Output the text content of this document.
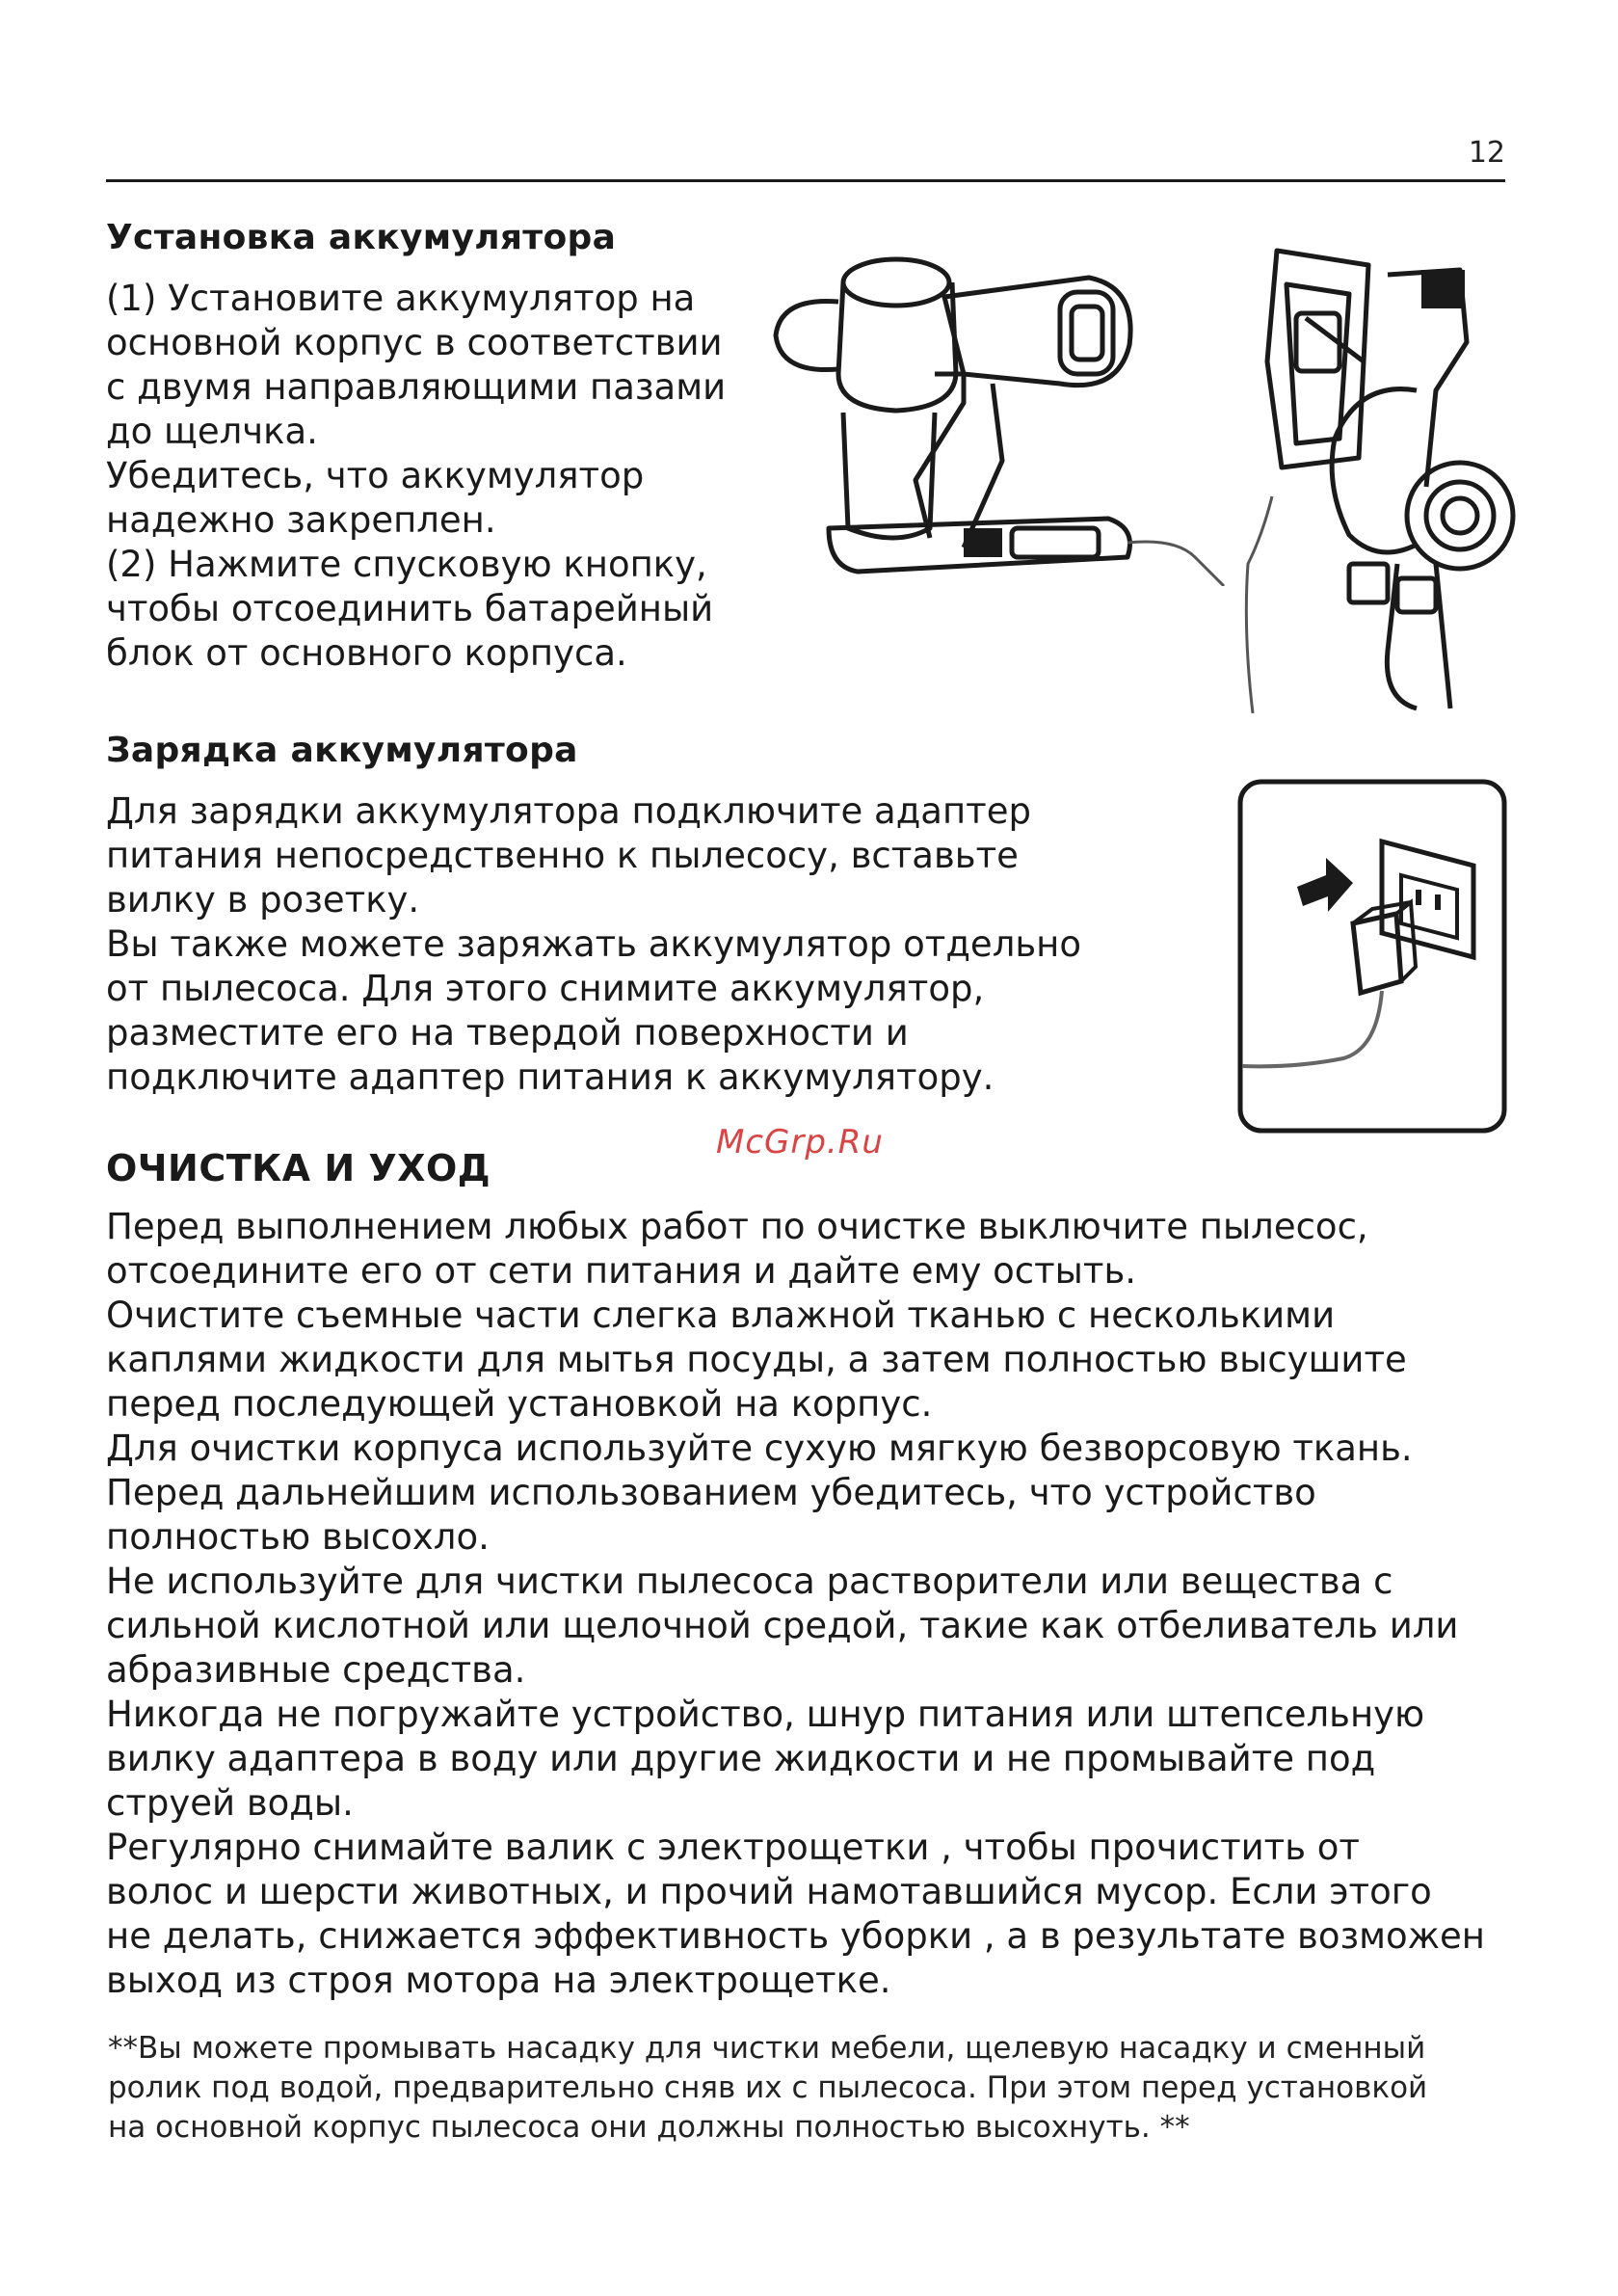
12
Установка аккумулятора

(1) Установите аккумулятор на

основной корпус в соответствии

с двумя направляющими пазами

до щелчка.

Убедитесь, что аккумулятор

надежно закреплен.

(2) Нажмите спусковую кнопку,

чтобы отсоединить батарейный

блок от основного корпуса.

Зарядка аккумулятора

Для зарядки аккумулятора подключите адаптер

питания непосредственно к пылесосу, вставьте

вилку в розетку.

Вы также можете заряжать аккумулятор отдельно

от пылесоса. Для этого снимите аккумулятор,

разместите его на твердой поверхности и

подключите адаптер питания к аккумулятору.

McGrp.Ru
ОЧИСТКА И УХОД

Перед выполнением любых работ по очистке выключите пылесос,

отсоедините его от сети питания и дайте ему остыть.

Очистите съемные части слегка влажной тканью с несколькими

каплями жидкости для мытья посуды, а затем полностью высушите

перед последующей установкой на корпус.

Для очистки корпуса используйте сухую мягкую безворсовую ткань.

Перед дальнейшим использованием убедитесь, что устройство

полностью высохло.

Не используйте для чистки пылесоса растворители или вещества с

сильной кислотной или щелочной средой, такие как отбеливатель или

абразивные средства.

Никогда не погружайте устройство, шнур питания или штепсельную

вилку адаптера в воду или другие жидкости и не промывайте под

струей воды.

Регулярно снимайте валик с электрощетки , чтобы прочистить от

волос и шерсти животных, и прочий намотавшийся мусор. Если этого

не делать, снижается эффективность уборки , а в результате возможен

выход из строя мотора на электрощетке.

**Вы можете промывать насадку для чистки мебели, щелевую насадку и сменный
ролик под водой, предварительно сняв их с пылесоса. При этом перед установкой
на основной корпус пылесоса они должны полностью высохнуть. **
